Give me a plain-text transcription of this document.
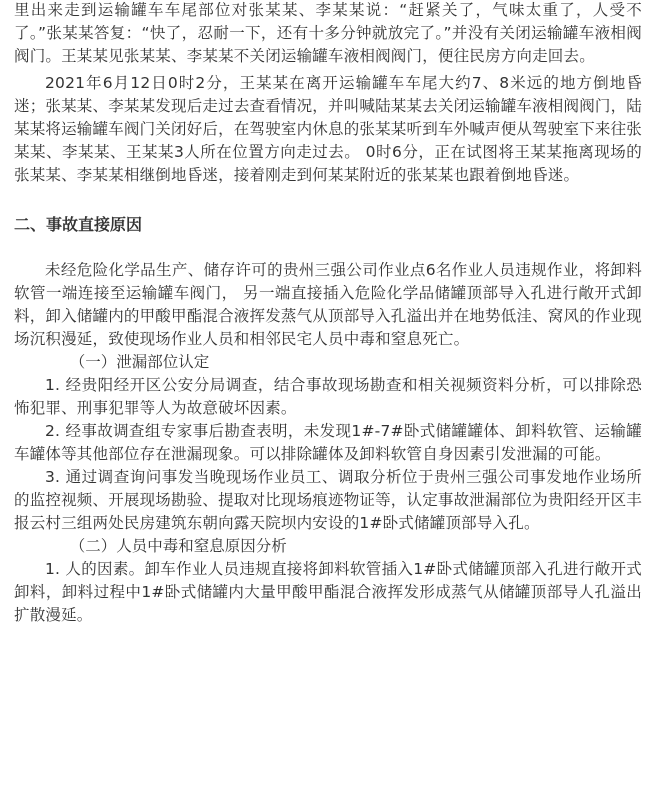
里出来走到运输罐车车尾部位对张某某、李某某说：“赶紧关了，气味太重了，人受不了。”张某某答复：“快了，忍耐一下，还有十多分钟就放完了。”并没有关闭运输罐车液相阀阀门。王某某见张某某、李某某不关闭运输罐车液相阀阀门，便往民房方向走回去。

2021年6月12日0时2分，王某某在离开运输罐车车尾大约7、8米远的地方倒地昏迷；张某某、李某某发现后走过去查看情况，并叫喊陆某某去关闭运输罐车液相阀阀门，陆某某将运输罐车阀门关闭好后，在驾驶室内休息的张某某听到车外喊声便从驾驶室下来往张某某、李某某、王某某3人所在位置方向走过去。 0时6分，正在试图将王某某拖离现场的张某某、李某某相继倒地昏迷，接着刚走到何某某附近的张某某也跟着倒地昏迷。

二、事故直接原因

未经危险化学品生产、储存许可的贵州三强公司作业点6名作业人员违规作业，将卸料软管一端连接至运输罐车阀门， 另一端直接插入危险化学品储罐顶部导入孔进行敞开式卸料，卸入储罐内的甲酸甲酯混合液挥发蒸气从顶部导入孔溢出并在地势低洼、窝风的作业现场沉积漫延，致使现场作业人员和相邻民宅人员中毒和窒息死亡。

（一）泄漏部位认定

1. 经贵阳经开区公安分局调查，结合事故现场勘查和相关视频资料分析，可以排除恐怖犯罪、刑事犯罪等人为故意破坏因素。

2. 经事故调查组专家事后勘查表明，未发现1#-7#卧式储罐罐体、卸料软管、运输罐车罐体等其他部位存在泄漏现象。可以排除罐体及卸料软管自身因素引发泄漏的可能。

3. 通过调查询问事发当晚现场作业员工、调取分析位于贵州三强公司事发地作业场所的监控视频、开展现场勘验、提取对比现场痕迹物证等，认定事故泄漏部位为贵阳经开区丰报云村三组两处民房建筑东朝向露天院坝内安设的1#卧式储罐顶部导入孔。

（二）人员中毒和窒息原因分析

1. 人的因素。卸车作业人员违规直接将卸料软管插入1#卧式储罐顶部入孔进行敞开式卸料，卸料过程中1#卧式储罐内大量甲酸甲酯混合液挥发形成蒸气从储罐顶部导人孔溢出扩散漫延。
